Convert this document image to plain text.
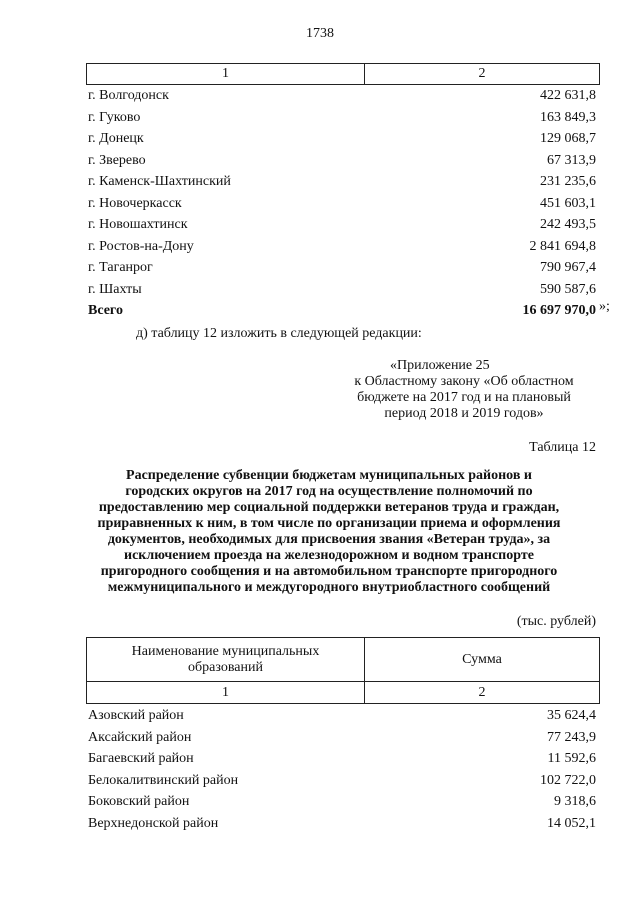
1738
1	2
г. Волгодонск	422 631,8
г. Гуково	163 849,3
г. Донецк	129 068,7
г. Зверево	67 313,9
г. Каменск-Шахтинский	231 235,6
г. Новочеркасск	451 603,1
г. Новошахтинск	242 493,5
г. Ростов-на-Дону	2 841 694,8
г. Таганрог	790 967,4
г. Шахты	590 587,6
Всего	16 697 970,0 »;
д) таблицу 12 изложить в следующей редакции:
«Приложение 25
к Областному закону «Об областном
бюджете на 2017 год и на плановый
период 2018 и 2019 годов»
Таблица 12
Распределение субвенции бюджетам муниципальных районов и
городских округов на 2017 год на осуществление полномочий по
предоставлению мер социальной поддержки ветеранов труда и граждан,
приравненных к ним, в том числе по организации приема и оформления
документов, необходимых для присвоения звания «Ветеран труда», за
исключением проезда на железнодорожном и водном транспорте
пригородного сообщения и на автомобильном транспорте пригородного
межмуниципального и междугородного внутриобластного сообщений
(тыс. рублей)
Наименование муниципальных
образований	Сумма
1	2
Азовский район	35 624,4
Аксайский район	77 243,9
Багаевский район	11 592,6
Белокалитвинский район	102 722,0
Боковский район	9 318,6
Верхнедонской район	14 052,1
